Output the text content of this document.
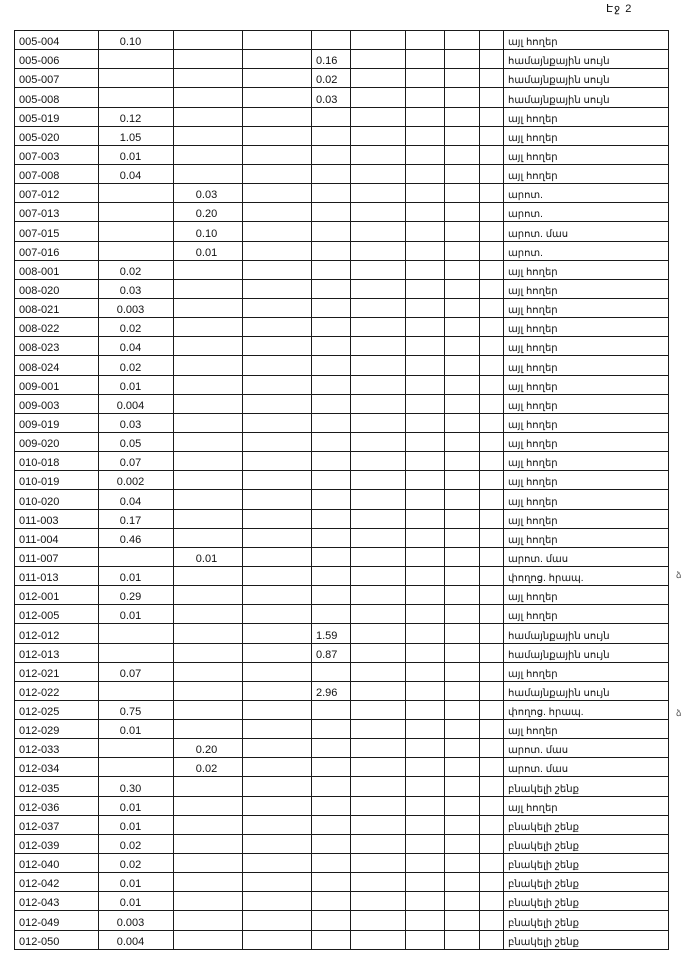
Էջ 2
005-004	0.10								այլ հողեր
005-006				0.16					համայնքային սույն
005-007				0.02					համայնքային սույն
005-008				0.03					համայնքային սույն
005-019	0.12								այլ հողեր
005-020	1.05								այլ հողեր
007-003	0.01								այլ հողեր
007-008	0.04								այլ հողեր
007-012		0.03							արոտ.
007-013		0.20							արոտ.
007-015		0.10							արոտ. մաս
007-016		0.01							արոտ.
008-001	0.02								այլ հողեր
008-020	0.03								այլ հողեր
008-021	0.003								այլ հողեր
008-022	0.02								այլ հողեր
008-023	0.04								այլ հողեր
008-024	0.02								այլ հողեր
009-001	0.01								այլ հողեր
009-003	0.004								այլ հողեր
009-019	0.03								այլ հողեր
009-020	0.05								այլ հողեր
010-018	0.07								այլ հողեր
010-019	0.002								այլ հողեր
010-020	0.04								այլ հողեր
011-003	0.17								այլ հողեր
011-004	0.46								այլ հողեր
011-007		0.01							արոտ. մաս
011-013	0.01								փողոց. հրապ.
012-001	0.29								այլ հողեր
012-005	0.01								այլ հողեր
012-012				1.59					համայնքային սույն
012-013				0.87					համայնքային սույն
012-021	0.07								այլ հողեր
012-022				2.96					համայնքային սույն
012-025	0.75								փողոց. հրապ.
012-029	0.01								այլ հողեր
012-033		0.20							արոտ. մաս
012-034		0.02							արոտ. մաս
012-035	0.30								բնակելի շենք
012-036	0.01								այլ հողեր
012-037	0.01								բնակելի շենք
012-039	0.02								բնակելի շենք
012-040	0.02								բնակելի շենք
012-042	0.01								բնակելի շենք
012-043	0.01								բնակելի շենք
012-049	0.003								բնակելի շենք
012-050	0.004								բնակելի շենք
ձ
ձ
